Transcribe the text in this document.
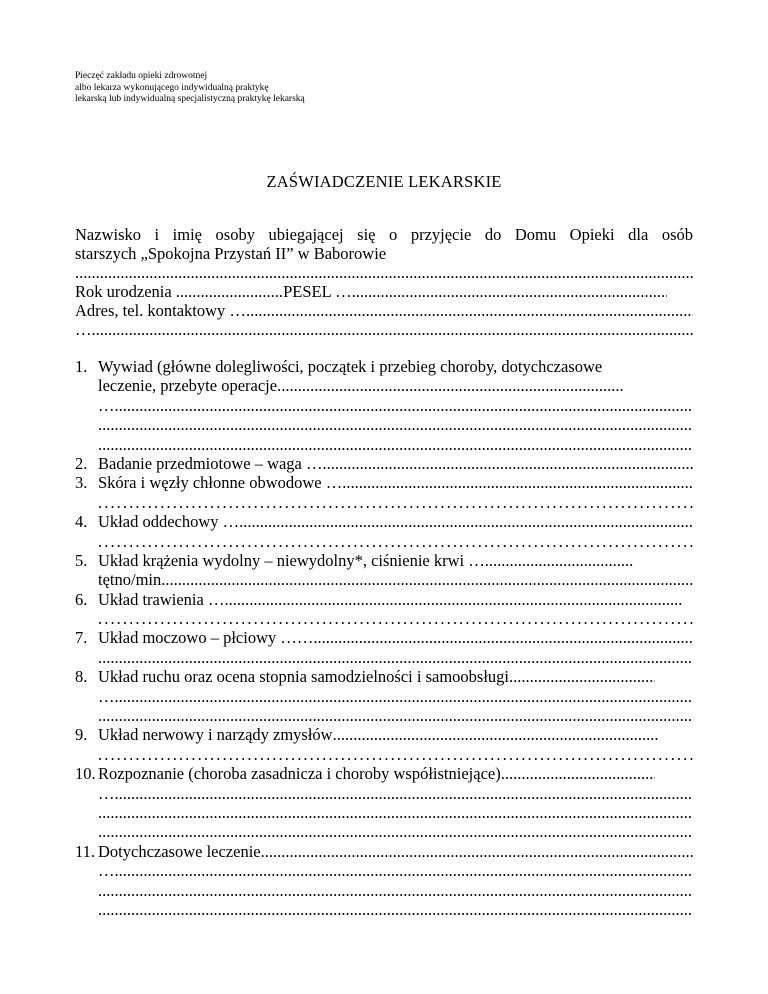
Pieczęć zakładu opieki zdrowotnej
albo lekarza wykonującego indywidualną praktykę
lekarską lub indywidualną specjalistyczną praktykę lekarską
ZAŚWIADCZENIE LEKARSKIE
Nazwisko i imię osoby ubiegającej się o przyjęcie do Domu Opieki dla osób
starszych „Spokojna Przystań II” w Baborowie
.....
Rok urodzenia .......................... PESEL …
.....
Adres, tel. kontaktowy …
.....
…
.....
1. Wywiad (główne dolegliwości, początek i przebieg choroby, dotychczasowe
leczenie, przebyte operacje
.....
…
.....
.....
.....
2. Badanie przedmiotowe – waga …
.....
3. Skóra i węzły chłonne obwodowe …
.....
.....
4. Układ oddechowy …
.....
.....
5. Układ krążenia wydolny – niewydolny*, ciśnienie krwi …
.....
tętno/min
.....
6. Układ trawienia …
.....
.....
7. Układ moczowo – płciowy ……
.....
.....
8. Układ ruchu oraz ocena stopnia samodzielności i samoobsługi
.....
…
.....
.....
9. Układ nerwowy i narządy zmysłów
.....
.....
10. Rozpoznanie (choroba zasadnicza i choroby współistniejące)
.....
…
.....
.....
.....
11. Dotychczasowe leczenie
.....
…
.....
.....
.....
